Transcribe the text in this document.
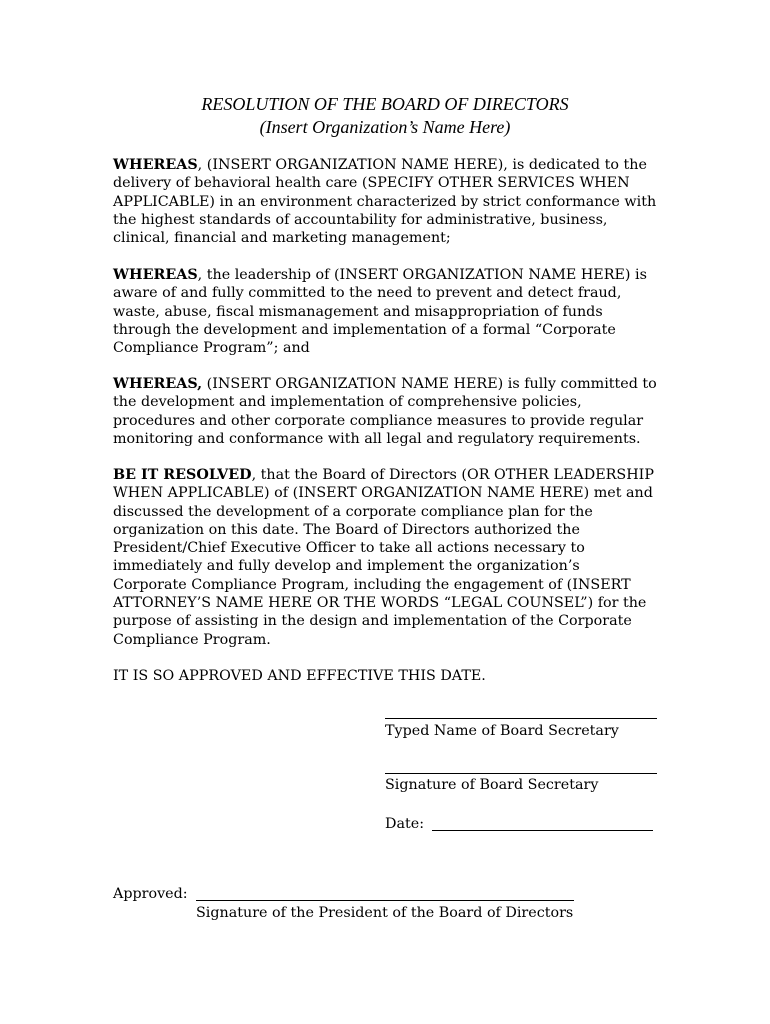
RESOLUTION OF THE BOARD OF DIRECTORS
(Insert Organization’s Name Here)
WHEREAS, (INSERT ORGANIZATION NAME HERE), is dedicated to the
delivery of behavioral health care (SPECIFY OTHER SERVICES WHEN
APPLICABLE) in an environment characterized by strict conformance with
the highest standards of accountability for administrative, business,
clinical, financial and marketing management;
WHEREAS, the leadership of (INSERT ORGANIZATION NAME HERE) is
aware of and fully committed to the need to prevent and detect fraud,
waste, abuse, fiscal mismanagement and misappropriation of funds
through the development and implementation of a formal “Corporate
Compliance Program”; and
WHEREAS, (INSERT ORGANIZATION NAME HERE) is fully committed to
the development and implementation of comprehensive policies,
procedures and other corporate compliance measures to provide regular
monitoring and conformance with all legal and regulatory requirements.
BE IT RESOLVED, that the Board of Directors (OR OTHER LEADERSHIP
WHEN APPLICABLE) of (INSERT ORGANIZATION NAME HERE) met and
discussed the development of a corporate compliance plan for the
organization on this date. The Board of Directors authorized the
President/Chief Executive Officer to take all actions necessary to
immediately and fully develop and implement the organization’s
Corporate Compliance Program, including the engagement of (INSERT
ATTORNEY’S NAME HERE OR THE WORDS “LEGAL COUNSEL”) for the
purpose of assisting in the design and implementation of the Corporate
Compliance Program.
IT IS SO APPROVED AND EFFECTIVE THIS DATE.
Typed Name of Board Secretary
Signature of Board Secretary
Date:
Approved:
Signature of the President of the Board of Directors
